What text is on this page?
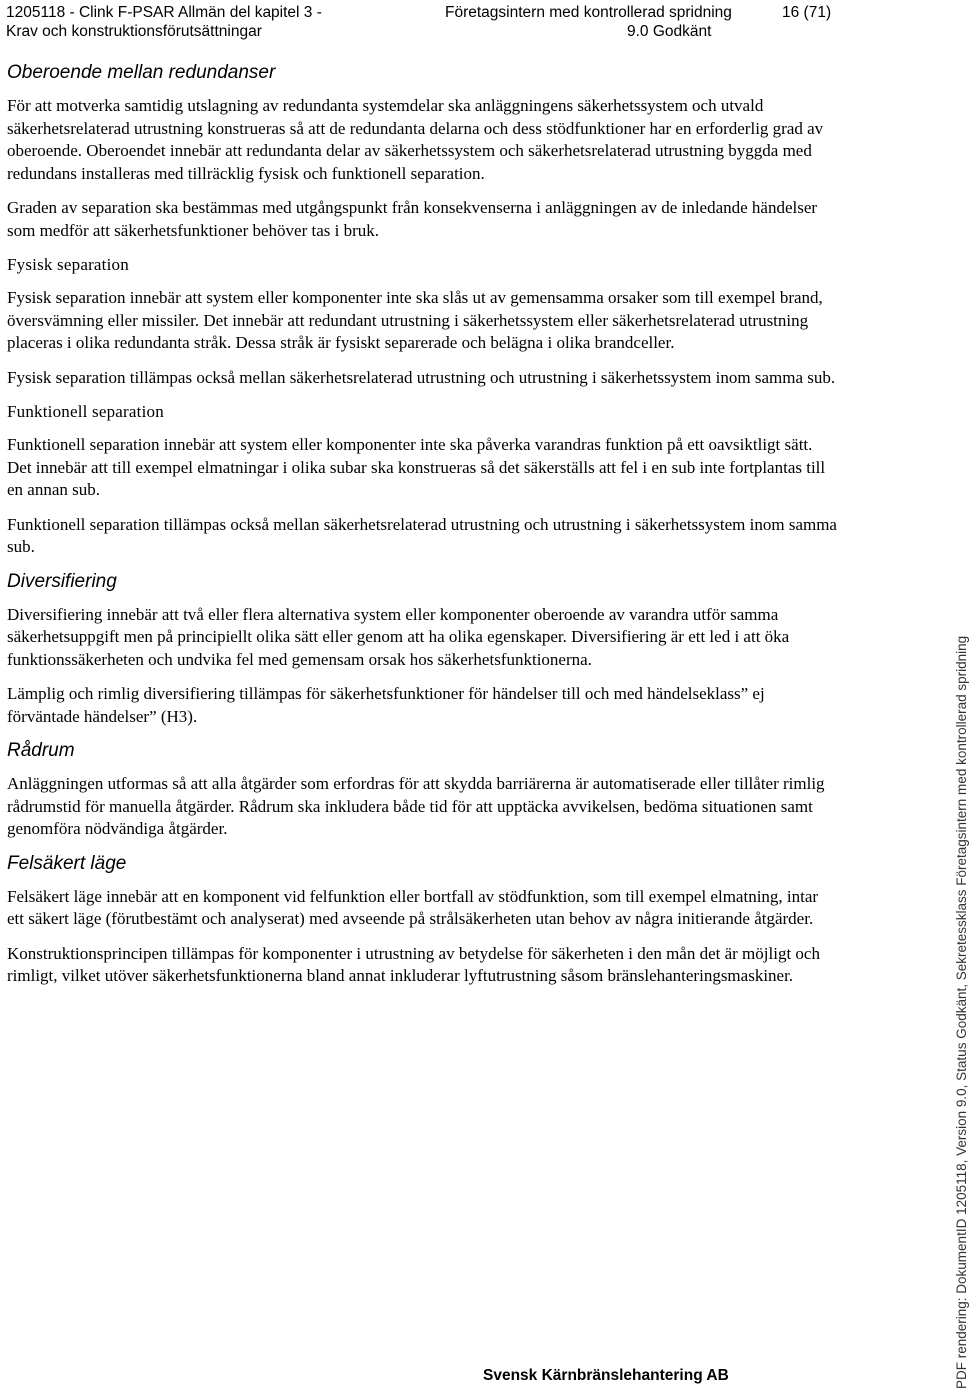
1205118 - Clink F-PSAR Allmän del kapitel 3 -
Krav och konstruktionsförutsättningar
Företagsintern med kontrollerad spridning
9.0 Godkänt
16 (71)
Oberoende mellan redundanser

För att motverka samtidig utslagning av redundanta systemdelar ska anläggningens säkerhetssystem och utvald säkerhetsrelaterad utrustning konstrueras så att de redundanta delarna och dess stödfunktioner har en erforderlig grad av oberoende. Oberoendet innebär att redundanta delar av säkerhetssystem och säkerhetsrelaterad utrustning byggda med redundans installeras med tillräcklig fysisk och funktionell separation.

Graden av separation ska bestämmas med utgångspunkt från konsekvenserna i anläggningen av de inledande händelser som medför att säkerhetsfunktioner behöver tas i bruk.

Fysisk separation

Fysisk separation innebär att system eller komponenter inte ska slås ut av gemensamma orsaker som till exempel brand, översvämning eller missiler. Det innebär att redundant utrustning i säkerhetssystem eller säkerhetsrelaterad utrustning placeras i olika redundanta stråk. Dessa stråk är fysiskt separerade och belägna i olika brandceller.

Fysisk separation tillämpas också mellan säkerhetsrelaterad utrustning och utrustning i säkerhetssystem inom samma sub.

Funktionell separation

Funktionell separation innebär att system eller komponenter inte ska påverka varandras funktion på ett oavsiktligt sätt. Det innebär att till exempel elmatningar i olika subar ska konstrueras så det säkerställs att fel i en sub inte fortplantas till en annan sub.

Funktionell separation tillämpas också mellan säkerhetsrelaterad utrustning och utrustning i säkerhetssystem inom samma sub.

Diversifiering

Diversifiering innebär att två eller flera alternativa system eller komponenter oberoende av varandra utför samma säkerhetsuppgift men på principiellt olika sätt eller genom att ha olika egenskaper. Diversifiering är ett led i att öka funktionssäkerheten och undvika fel med gemensam orsak hos säkerhetsfunktionerna.

Lämplig och rimlig diversifiering tillämpas för säkerhetsfunktioner för händelser till och med händelseklass” ej förväntade händelser” (H3).

Rådrum

Anläggningen utformas så att alla åtgärder som erfordras för att skydda barriärerna är automatiserade eller tillåter rimlig rådrumstid för manuella åtgärder. Rådrum ska inkludera både tid för att upptäcka avvikelsen, bedöma situationen samt genomföra nödvändiga åtgärder.

Felsäkert läge

Felsäkert läge innebär att en komponent vid felfunktion eller bortfall av stödfunktion, som till exempel elmatning, intar ett säkert läge (förutbestämt och analyserat) med avseende på strålsäkerheten utan behov av några initierande åtgärder.

Konstruktionsprincipen tillämpas för komponenter i utrustning av betydelse för säkerheten i den mån det är möjligt och rimligt, vilket utöver säkerhetsfunktionerna bland annat inkluderar lyftutrustning såsom bränslehanteringsmaskiner.

Svensk Kärnbränslehantering AB	PDF rendering: DokumentID 1205118, Version 9.0, Status Godkänt, Sekretessklass Företagsintern med kontrollerad spridning
